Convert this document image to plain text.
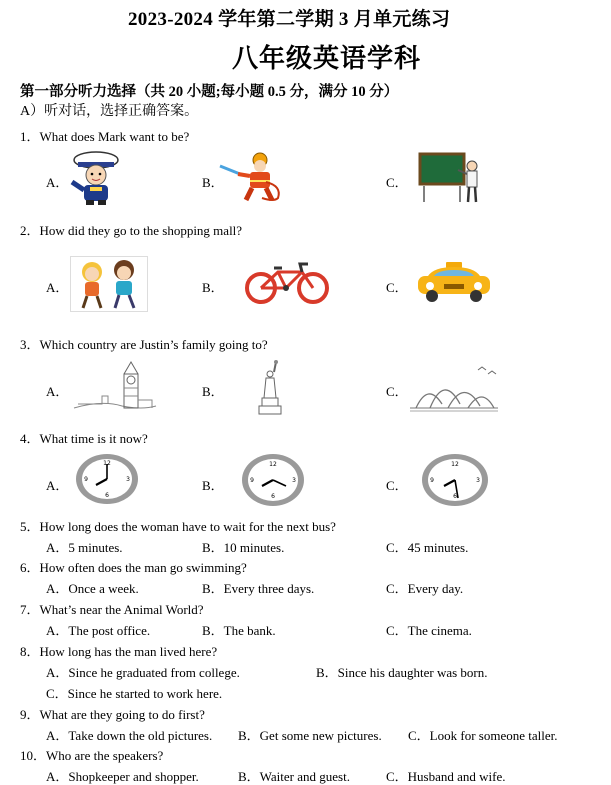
2023-2024 学年第二学期 3 月单元练习
八年级英语学科
第一部分听力选择（共 20 小题;每小题 0.5 分，满分 10 分）
A）听对话，选择正确答案。
1．What does Mark want to be?
A．	B．	C．
2．How did they go to the shopping mall?
A．	B．	C．
3．Which country are Justin’s family going to?
A．	B．	C．
4．What time is it now?
A．	B．	C．
12
3
6
9
12
3
6
9
12
3
6
9
5．How long does the woman have to wait for the next bus?
A．5 minutes.	B．10 minutes.	C．45 minutes.
6．How often does the man go swimming?
A．Once a week.	B．Every three days.	C．Every day.
7．What’s near the Animal World?
A．The post office.	B．The bank.	C．The cinema.
8．How long has the man lived here?
A．Since he graduated from college.	B．Since his daughter was born.
C．Since he started to work here.
9．What are they going to do first?
A．Take down the old pictures. B．Get some new pictures. C．Look for someone taller.
10．Who are the speakers?
A．Shopkeeper and shopper.	B．Waiter and guest.	C．Husband and wife.
